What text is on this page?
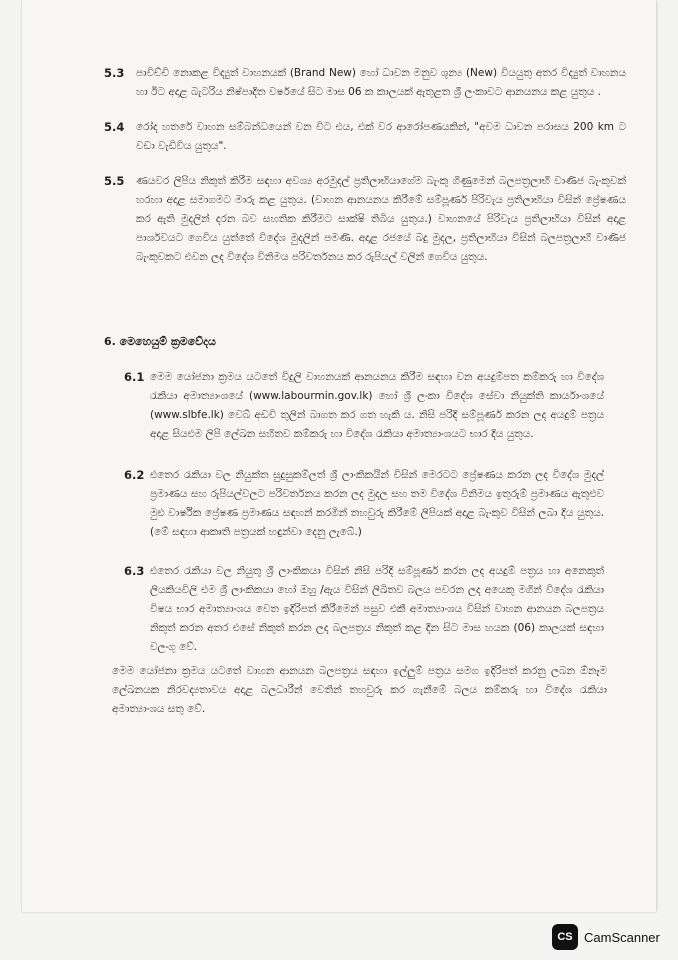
5.3 පාවිච්චි නොකළ විද්‍යුත් වාහනයක් (Brand New) හෝ ධාවන මනුව ශුන්‍ය (New) වියයුතු අතර විද්‍යුත් වාහනය හා ඊට අදාළ බැටරිය නිෂ්පාදිත වර්ෂයේ සිට මාස 06 ක කාලයක් ඇතුළත ශ්‍රී ලංකාවට ආනයනය කළ යුතුය .
5.4 රෝද හතරේ වාහන සම්බන්ධයෙන් වන විට එය, එක් වර ආරෝපණයකින්, "අවම ධාවන පරාසය 200 km ට වඩා වැඩිවිය යුතුය".
5.5 ණයවර ලිපිය නිකුත් කිරීම සඳහා අවශ්‍ය අරමුදල් ප්‍රතිලාභියාගේම බැංකු ගිණුමෙන් බලපත්‍රලාභී වාණිජ බැංකුවක් හරහා අදාළ සමාගමට මාරු කළ යුතුය. (වාහන ආනයනය කිරීමේ සම්පූර්ණ පිරිවැය ප්‍රතිලාභියා විසින් ප්‍රේෂණය කර ඇති මුදලින් දරන බව සහතික කිරීමට සාක්ෂි තිබිය යුතුය.) වාහනයේ පිරිවැය ප්‍රතිලාභියා විසින් අදාළ පාර්ශවයට ගෙවිය යුත්තේ විදේශ මුදලින් පමණි. අදාළ රජයේ බදු මුදල, ප්‍රතිලාභියා විසින් බලපත්‍රලාභී වාණිජ බැංකුවකට එවන ලද විදේශ විනිමය පරිවර්තනය කර රුපියල් වලින් ගෙවිය යුතුය.
6. මෙහෙයුම් ක්‍රමවේදය
6.1 මෙම යෝජනා ක්‍රමය යටතේ විදුලි වාහනයක් ආනයනය කිරීම සඳහා වන අයදුම්පත කම්කරු හා විදේශ රැකියා අමාත්‍යාංශයේ (www.labourmin.gov.lk) හෝ ශ්‍රී ලංකා විදේශ සේවා නියුක්ති කාර්යාංශයේ (www.slbfe.lk) වෙබ් අඩවි තුලින් බාගත කර ගත හැකි ය. නිසි පරිදි සම්පූර්ණ කරන ලද අයදුම් පත්‍රය අදාළ සියළුම ලිපි ලේඛන සහිතව කම්කරු හා විදේශ රැකියා අමාත්‍යාංශයට භාර දිය යුතුය.
6.2 එතෙර රැකියා වල නියුක්ත සුදුසුකම්ලත් ශ්‍රී ලාංකිකයින් විසින් මෙරටට ප්‍රේෂණය කරන ලද විදේශ මුදල් ප්‍රමාණය සහ රුපියල්වලට පරිවර්තනය කරන ලද මුදල සහ තම විදේශ විනිමය ඉතුරුම් ප්‍රමාණය ඇතුළුව මුළු වාර්ෂික ප්‍රේෂණ ප්‍රමාණය සඳහන් කරමින් තහවුරු කිරීමේ ලිපියක් අදාළ බැංකුව විසින් ලබා දිය යුතුය. (මේ සඳහා ආකෘති පත්‍රයක් හඳුන්වා දෙනු ලැබේ.)
6.3 එතෙර රැකියා වල නියුතු ශ්‍රී ලාංකිකයා විසින් නිසි පරිදි සම්පූර්ණ කරන ලද අයදුම් පත්‍රය හා අනෙකුත් ලියකියවිලි එම ශ්‍රී ලාංකිකයා හෝ ඔහු /ඇය විසින් ලිඛිතව බලය පවරන ලද අයෙකු මගින් විදේශ රැකියා විෂය භාර අමාත්‍යාංශය වෙත ඉදිරිපත් කිරීමෙන් පසුව එකී අමාත්‍යාංශය විසින් වාහන ආනයන බලපත්‍රය නිකුත් කරන අතර එසේ නිකුත් කරන ලද බලපත්‍රය නිකුත් කළ දින සිට මාස හයක (06) කාලයක් සඳහා වලංගු වේ.
මෙම යෝජනා ක්‍රමය යටතේ වාහන ආනයන බලපත්‍රය සඳහා ඉල්ලුම් පත්‍රය සමග ඉදිරිපත් කරනු ලබන ඕනෑම ලේඛනයක නිරවද්‍යතාවය අදාළ බලධාරීන් වෙතින් තහවුරු කර ගැනීමේ බලය කම්කරු හා විදේශ රැකියා අමාත්‍යාංශය සතු වේ.
CS CamScanner
